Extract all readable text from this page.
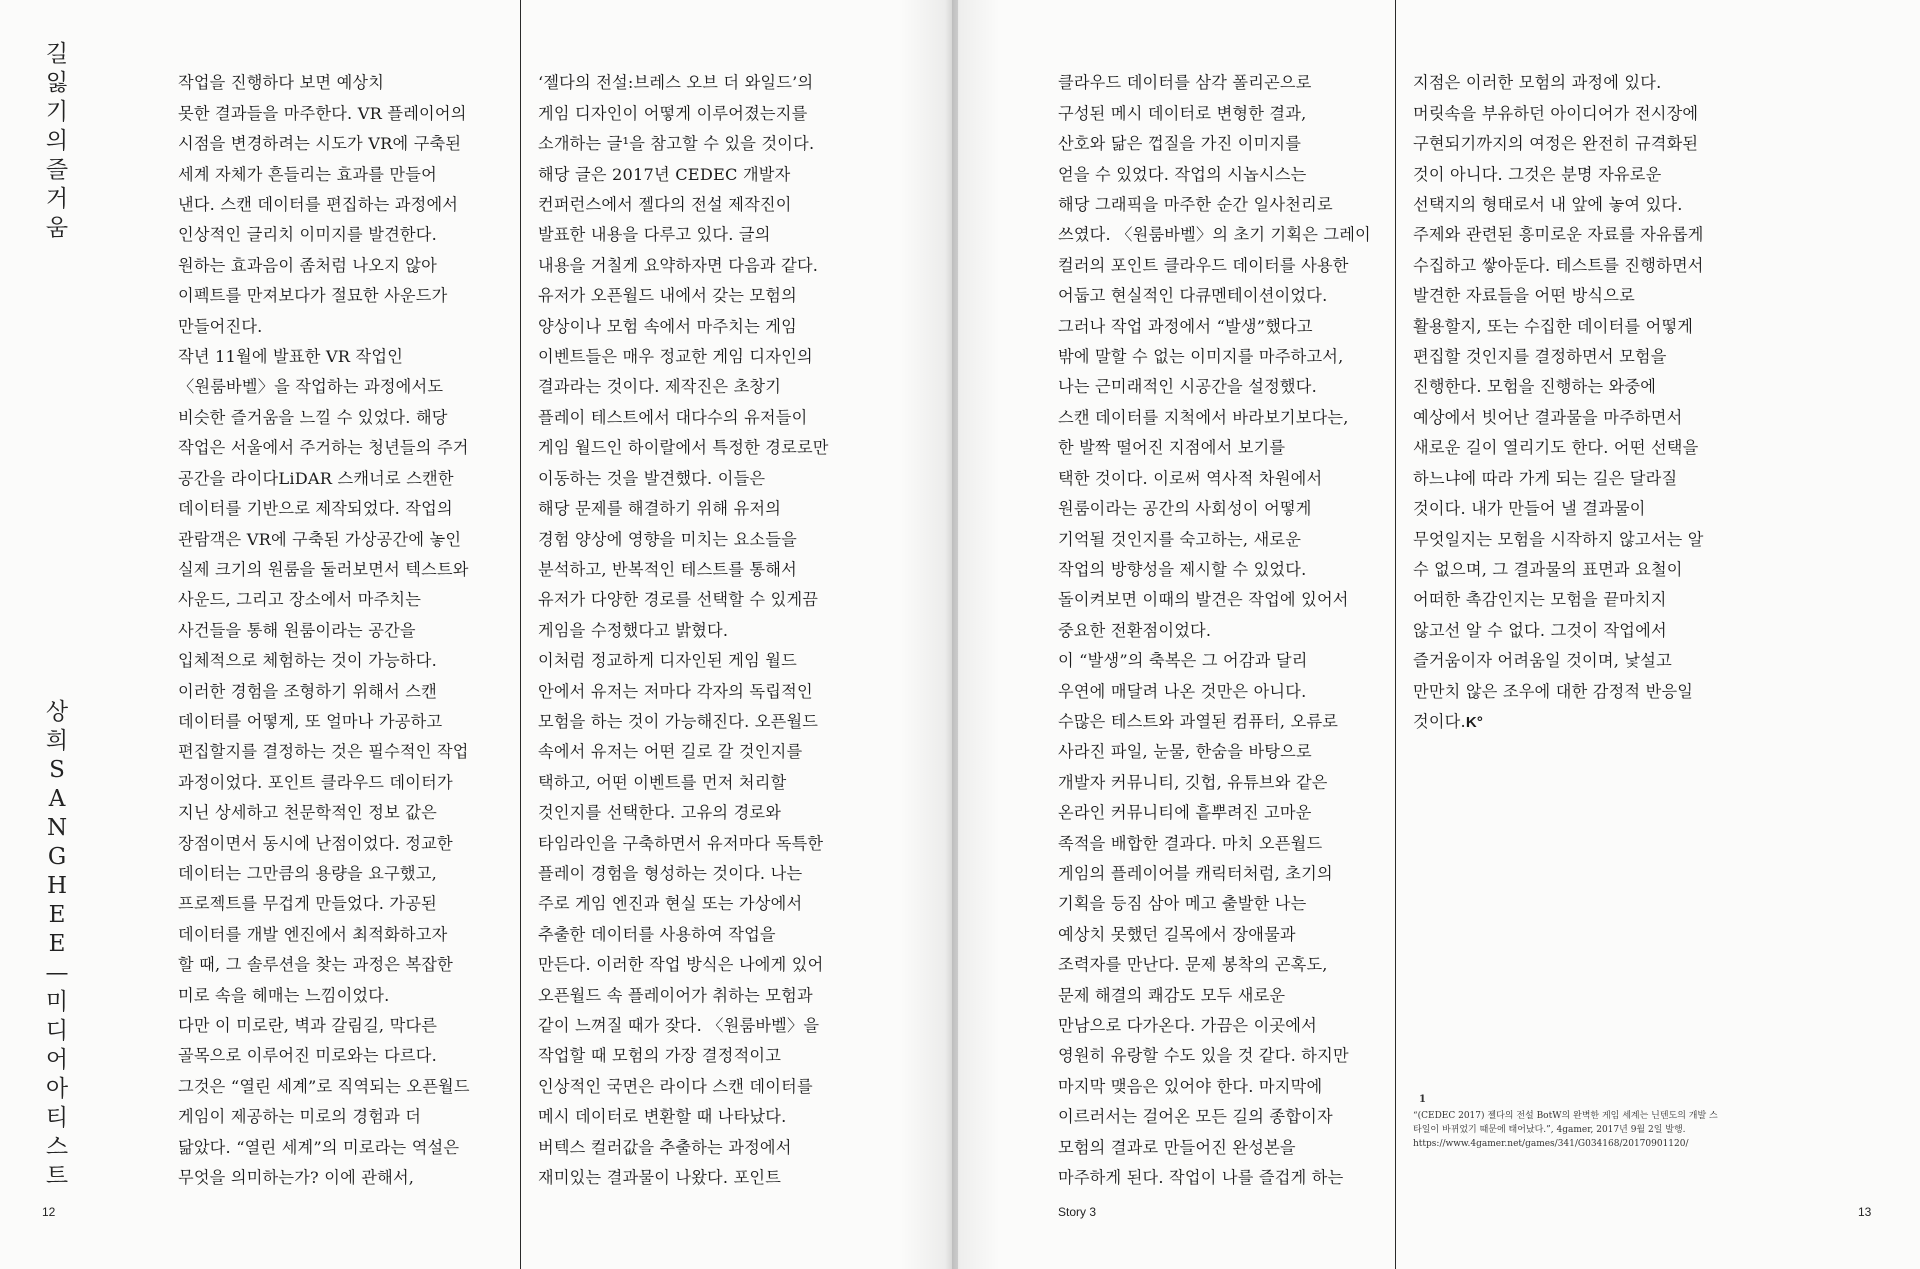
길 잃기의 즐거움
상희 SANGHEE — 미디어 아티스트

작업을 진행하다 보면 예상치
못한 결과들을 마주한다. VR 플레이어의
시점을 변경하려는 시도가 VR에 구축된
세계 자체가 흔들리는 효과를 만들어
낸다. 스캔 데이터를 편집하는 과정에서
인상적인 글리치 이미지를 발견한다.
원하는 효과음이 좀처럼 나오지 않아
이펙트를 만져보다가 절묘한 사운드가
만들어진다.
작년 11월에 발표한 VR 작업인
〈원룸바벨〉을 작업하는 과정에서도
비슷한 즐거움을 느낄 수 있었다. 해당
작업은 서울에서 주거하는 청년들의 주거
공간을 라이다LiDAR 스캐너로 스캔한
데이터를 기반으로 제작되었다. 작업의
관람객은 VR에 구축된 가상공간에 놓인
실제 크기의 원룸을 둘러보면서 텍스트와
사운드, 그리고 장소에서 마주치는
사건들을 통해 원룸이라는 공간을
입체적으로 체험하는 것이 가능하다.
이러한 경험을 조형하기 위해서 스캔
데이터를 어떻게, 또 얼마나 가공하고
편집할지를 결정하는 것은 필수적인 작업
과정이었다. 포인트 클라우드 데이터가
지닌 상세하고 천문학적인 정보 값은
장점이면서 동시에 난점이었다. 정교한
데이터는 그만큼의 용량을 요구했고,
프로젝트를 무겁게 만들었다. 가공된
데이터를 개발 엔진에서 최적화하고자
할 때, 그 솔루션을 찾는 과정은 복잡한
미로 속을 헤매는 느낌이었다.
다만 이 미로란, 벽과 갈림길, 막다른
골목으로 이루어진 미로와는 다르다.
그것은 “열린 세계”로 직역되는 오픈월드
게임이 제공하는 미로의 경험과 더
닮았다. “열린 세계”의 미로라는 역설은
무엇을 의미하는가? 이에 관해서,

‘젤다의 전설:브레스 오브 더 와일드’의
게임 디자인이 어떻게 이루어졌는지를
소개하는 글¹을 참고할 수 있을 것이다.
해당 글은 2017년 CEDEC 개발자
컨퍼런스에서 젤다의 전설 제작진이
발표한 내용을 다루고 있다. 글의
내용을 거칠게 요약하자면 다음과 같다.
유저가 오픈월드 내에서 갖는 모험의
양상이나 모험 속에서 마주치는 게임
이벤트들은 매우 정교한 게임 디자인의
결과라는 것이다. 제작진은 초창기
플레이 테스트에서 대다수의 유저들이
게임 월드인 하이랄에서 특정한 경로로만
이동하는 것을 발견했다. 이들은
해당 문제를 해결하기 위해 유저의
경험 양상에 영향을 미치는 요소들을
분석하고, 반복적인 테스트를 통해서
유저가 다양한 경로를 선택할 수 있게끔
게임을 수정했다고 밝혔다.
이처럼 정교하게 디자인된 게임 월드
안에서 유저는 저마다 각자의 독립적인
모험을 하는 것이 가능해진다. 오픈월드
속에서 유저는 어떤 길로 갈 것인지를
택하고, 어떤 이벤트를 먼저 처리할
것인지를 선택한다. 고유의 경로와
타임라인을 구축하면서 유저마다 독특한
플레이 경험을 형성하는 것이다. 나는
주로 게임 엔진과 현실 또는 가상에서
추출한 데이터를 사용하여 작업을
만든다. 이러한 작업 방식은 나에게 있어
오픈월드 속 플레이어가 취하는 모험과
같이 느껴질 때가 잦다. 〈원룸바벨〉을
작업할 때 모험의 가장 결정적이고
인상적인 국면은 라이다 스캔 데이터를
메시 데이터로 변환할 때 나타났다.
버텍스 컬러값을 추출하는 과정에서
재미있는 결과물이 나왔다. 포인트

12

클라우드 데이터를 삼각 폴리곤으로
구성된 메시 데이터로 변형한 결과,
산호와 닮은 껍질을 가진 이미지를
얻을 수 있었다. 작업의 시놉시스는
해당 그래픽을 마주한 순간 일사천리로
쓰였다. 〈원룸바벨〉의 초기 기획은 그레이
컬러의 포인트 클라우드 데이터를 사용한
어둡고 현실적인 다큐멘테이션이었다.
그러나 작업 과정에서 “발생”했다고
밖에 말할 수 없는 이미지를 마주하고서,
나는 근미래적인 시공간을 설정했다.
스캔 데이터를 지척에서 바라보기보다는,
한 발짝 떨어진 지점에서 보기를
택한 것이다. 이로써 역사적 차원에서
원룸이라는 공간의 사회성이 어떻게
기억될 것인지를 숙고하는, 새로운
작업의 방향성을 제시할 수 있었다.
돌이켜보면 이때의 발견은 작업에 있어서
중요한 전환점이었다.
이 “발생”의 축복은 그 어감과 달리
우연에 매달려 나온 것만은 아니다.
수많은 테스트와 과열된 컴퓨터, 오류로
사라진 파일, 눈물, 한숨을 바탕으로
개발자 커뮤니티, 깃헙, 유튜브와 같은
온라인 커뮤니티에 흩뿌려진 고마운
족적을 배합한 결과다. 마치 오픈월드
게임의 플레이어블 캐릭터처럼, 초기의
기획을 등짐 삼아 메고 출발한 나는
예상치 못했던 길목에서 장애물과
조력자를 만난다. 문제 봉착의 곤혹도,
문제 해결의 쾌감도 모두 새로운
만남으로 다가온다. 가끔은 이곳에서
영원히 유랑할 수도 있을 것 같다. 하지만
마지막 맺음은 있어야 한다. 마지막에
이르러서는 걸어온 모든 길의 종합이자
모험의 결과로 만들어진 완성본을
마주하게 된다. 작업이 나를 즐겁게 하는

지점은 이러한 모험의 과정에 있다.
머릿속을 부유하던 아이디어가 전시장에
구현되기까지의 여정은 완전히 규격화된
것이 아니다. 그것은 분명 자유로운
선택지의 형태로서 내 앞에 놓여 있다.
주제와 관련된 흥미로운 자료를 자유롭게
수집하고 쌓아둔다. 테스트를 진행하면서
발견한 자료들을 어떤 방식으로
활용할지, 또는 수집한 데이터를 어떻게
편집할 것인지를 결정하면서 모험을
진행한다. 모험을 진행하는 와중에
예상에서 빗어난 결과물을 마주하면서
새로운 길이 열리기도 한다. 어떤 선택을
하느냐에 따라 가게 되는 길은 달라질
것이다. 내가 만들어 낼 결과물이
무엇일지는 모험을 시작하지 않고서는 알
수 없으며, 그 결과물의 표면과 요철이
어떠한 촉감인지는 모험을 끝마치지
않고선 알 수 없다. 그것이 작업에서
즐거움이자 어려움일 것이며, 낯설고
만만치 않은 조우에 대한 감정적 반응일
것이다.K°

Story 3	13
1
“(CEDEC 2017) 젤다의 전설 BotW의 완벽한 게임 세계는 닌텐도의 개발 스타일이 바뀌었기 때문에 태어났다.”, 4gamer, 2017년 9월 2일 발행. https://www.4gamer.net/games/341/G034168/20170901120/
